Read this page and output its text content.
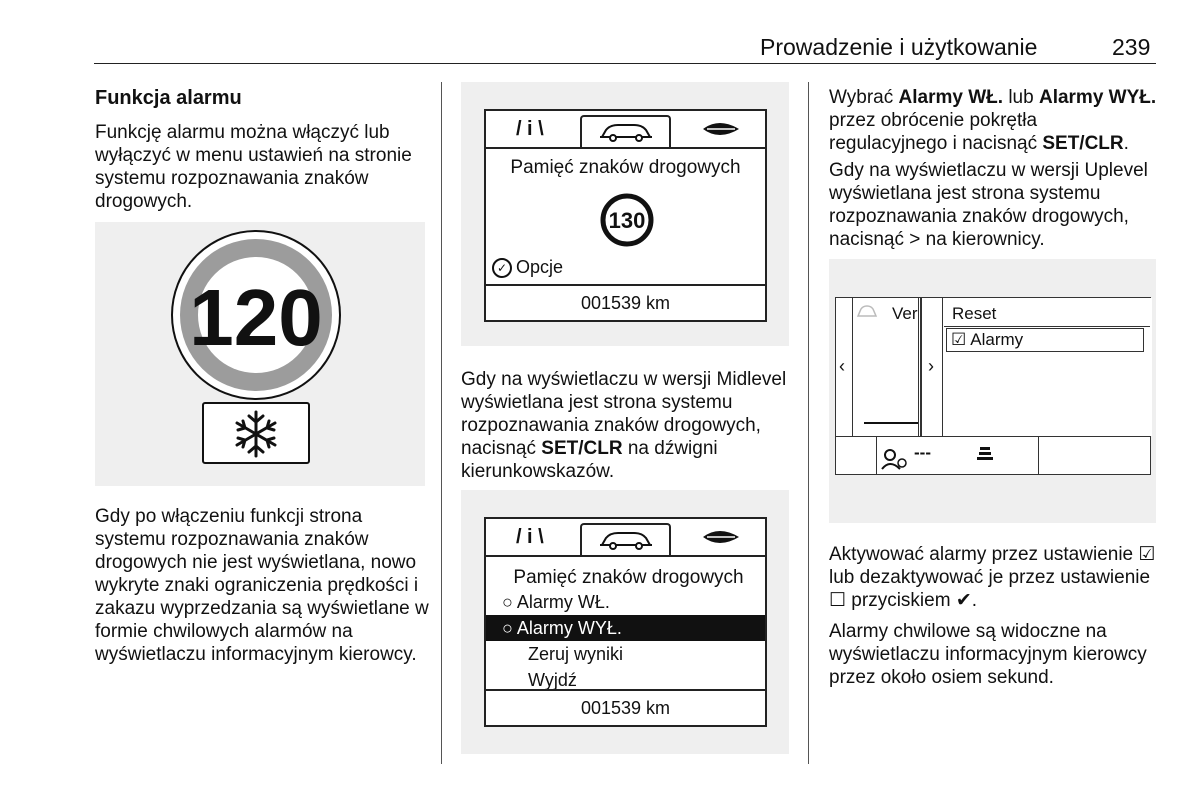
Prowadzenie i użytkowanie	239
Funkcja alarmu
Funkcję alarmu można włączyć lub wyłączyć w menu ustawień na stronie systemu rozpoznawania znaków drogowych.
120
Gdy po włączeniu funkcji strona systemu rozpoznawania znaków drogowych nie jest wyświetlana, nowo wykryte znaki ograniczenia prędkości i zakazu wyprzedzania są wyświetlane w formie chwilowych alarmów na wyświetlaczu informacyjnym kierowcy.
/ i \
Pamięć znaków drogowych
130
✓ Opcje
001539 km
Gdy na wyświetlaczu w wersji Midlevel wyświetlana jest strona systemu rozpoznawania znaków drogowych, nacisnąć SET/CLR na dźwigni kierunkowskazów.
/ i \
Pamięć znaków drogowych
○ Alarmy WŁ.
○ Alarmy WYŁ.
Zeruj wyniki
Wyjdź
001539 km
Wybrać Alarmy WŁ. lub Alarmy WYŁ. przez obrócenie pokrętła regulacyjnego i nacisnąć SET/CLR.
Gdy na wyświetlaczu w wersji Uplevel wyświetlana jest strona systemu rozpoznawania znaków drogowych, nacisnąć > na kierownicy.
Ver
‹	›
Reset
☑ Alarmy
---
Aktywować alarmy przez ustawienie ☑ lub dezaktywować je przez ustawienie ☐ przyciskiem ✔.
Alarmy chwilowe są widoczne na wyświetlaczu informacyjnym kierowcy przez około osiem sekund.
